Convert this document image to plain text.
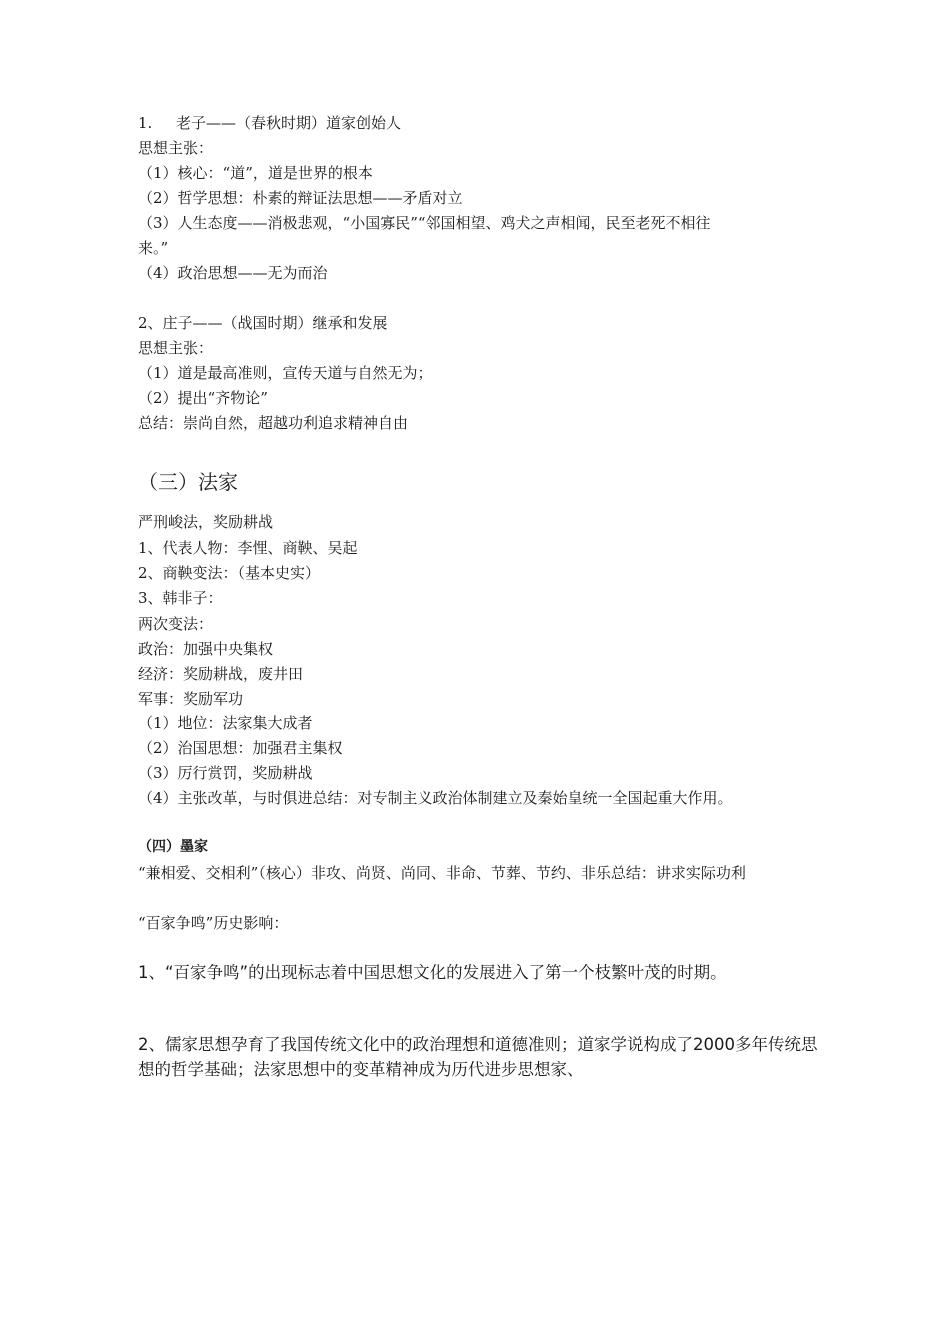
1. 老子——（春秋时期）道家创始人
思想主张：
（1）核心：“道”，道是世界的根本
（2）哲学思想：朴素的辩证法思想——矛盾对立
（3）人生态度——消极悲观，“小国寡民”“邻国相望、鸡犬之声相闻，民至老死不相往
来。”
（4）政治思想——无为而治
2、庄子——（战国时期）继承和发展
思想主张：
（1）道是最高准则，宣传天道与自然无为；
（2）提出“齐物论”
总结：崇尚自然，超越功利追求精神自由
（三）法家
严刑峻法，奖励耕战
1、代表人物：李悝、商鞅、吴起
2、商鞅变法：（基本史实）
3、韩非子：
两次变法：
政治：加强中央集权
经济：奖励耕战，废井田
军事：奖励军功
（1）地位：法家集大成者
（2）治国思想：加强君主集权
（3）厉行赏罚，奖励耕战
（4）主张改革，与时俱进总结：对专制主义政治体制建立及秦始皇统一全国起重大作用。
（四）墨家
“兼相爱、交相利”（核心）非攻、尚贤、尚同、非命、节葬、节约、非乐总结：讲求实际功利
“百家争鸣”历史影响：
1、“百家争鸣”的出现标志着中国思想文化的发展进入了第一个枝繁叶茂的时期。
2、儒家思想孕育了我国传统文化中的政治理想和道德准则；道家学说构成了2000多年传统思想的哲学基础；法家思想中的变革精神成为历代进步思想家、
